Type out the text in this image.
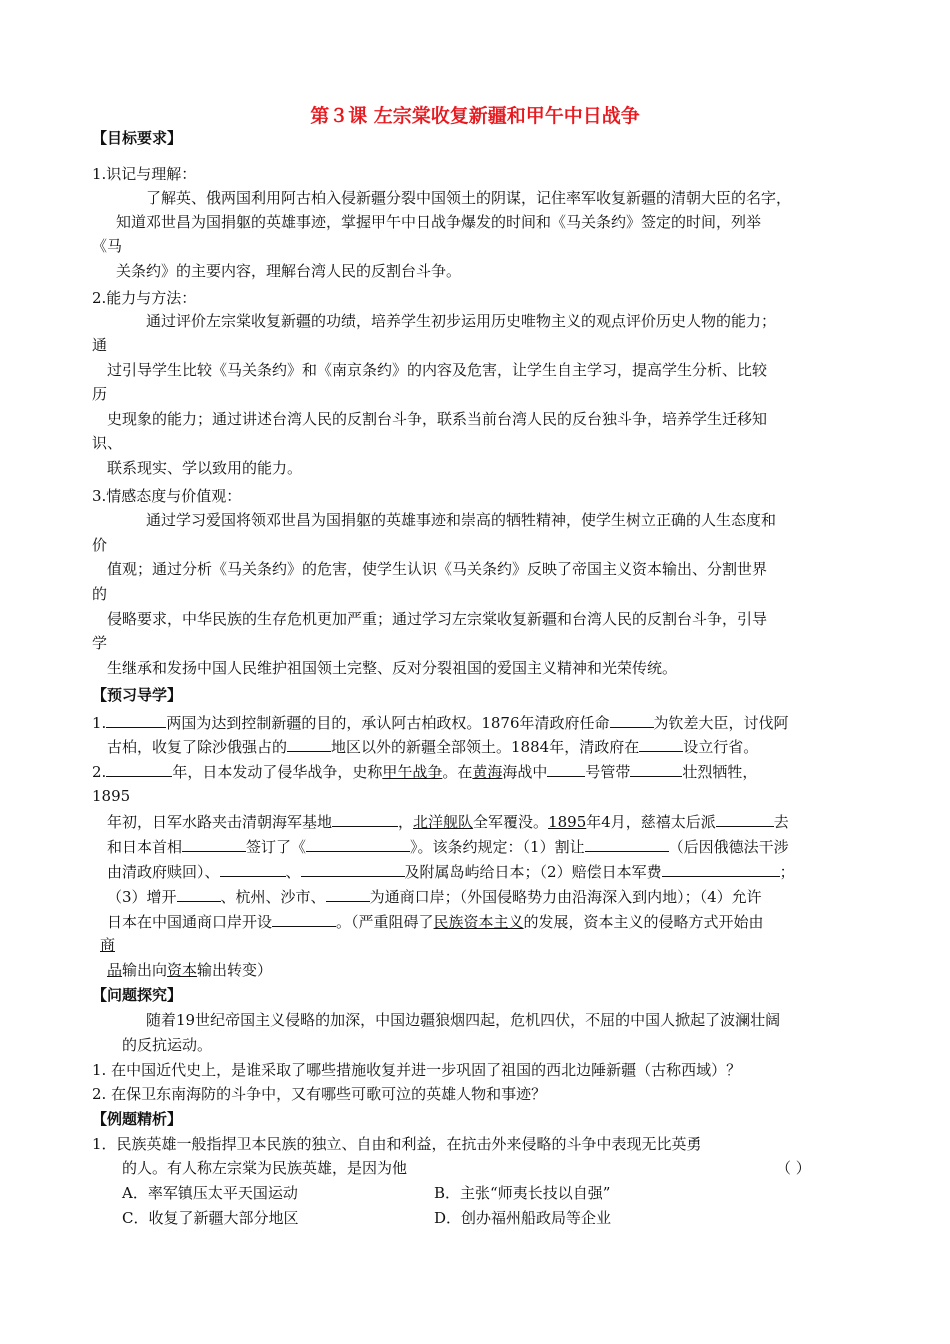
第３课 左宗棠收复新疆和甲午中日战争
【目标要求】
1.识记与理解：
了解英、俄两国利用阿古柏入侵新疆分裂中国领土的阴谋，记住率军收复新疆的清朝大臣的名字，
知道邓世昌为国捐躯的英雄事迹，掌握甲午中日战争爆发的时间和《马关条约》签定的时间，列举
《马
关条约》的主要内容，理解台湾人民的反割台斗争。
2.能力与方法：
通过评价左宗棠收复新疆的功绩，培养学生初步运用历史唯物主义的观点评价历史人物的能力；
通
过引导学生比较《马关条约》和《南京条约》的内容及危害，让学生自主学习，提高学生分析、比较
历
史现象的能力；通过讲述台湾人民的反割台斗争，联系当前台湾人民的反台独斗争，培养学生迁移知
识、
联系现实、学以致用的能力。
3.情感态度与价值观：
通过学习爱国将领邓世昌为国捐躯的英雄事迹和崇高的牺牲精神，使学生树立正确的人生态度和
价
值观；通过分析《马关条约》的危害，使学生认识《马关条约》反映了帝国主义资本输出、分割世界
的
侵略要求，中华民族的生存危机更加严重；通过学习左宗棠收复新疆和台湾人民的反割台斗争，引导
学
生继承和发扬中国人民维护祖国领土完整、反对分裂祖国的爱国主义精神和光荣传统。
【预习导学】
1.	两国为达到控制新疆的目的，承认阿古柏政权。1876年清政府任命	为钦差大臣，讨伐阿
古柏，收复了除沙俄强占的	地区以外的新疆全部领土。1884年，清政府在	设立行省。
2.	年，日本发动了侵华战争，史称甲午战争。在黄海海战中	号管带	壮烈牺牲，
1895
年初，日军水路夹击清朝海军基地	，北洋舰队全军覆没。1895年4月，慈禧太后派	去
和日本首相	签订了《	》。该条约规定：（1）割让	（后因俄德法干涉
由清政府赎回）、	、	及附属岛屿给日本；（2）赔偿日本军费	；
（3）增开	、杭州、沙市、	为通商口岸；（外国侵略势力由沿海深入到内地）；（4）允许
日本在中国通商口岸开设	。（严重阻碍了民族资本主义的发展，资本主义的侵略方式开始由
商
品输出向资本输出转变）
【问题探究】
随着19世纪帝国主义侵略的加深，中国边疆狼烟四起，危机四伏，不屈的中国人掀起了波澜壮阔
的反抗运动。
1. 在中国近代史上，是谁采取了哪些措施收复并进一步巩固了祖国的西北边陲新疆（古称西域）？
2. 在保卫东南海防的斗争中，又有哪些可歌可泣的英雄人物和事迹？
【例题精析】
1．民族英雄一般指捍卫本民族的独立、自由和利益，在抗击外来侵略的斗争中表现无比英勇
的人。有人称左宗棠为民族英雄，是因为他	（ ）
A．率军镇压太平天国运动	B．主张“师夷长技以自强”
C．收复了新疆大部分地区	D．创办福州船政局等企业
